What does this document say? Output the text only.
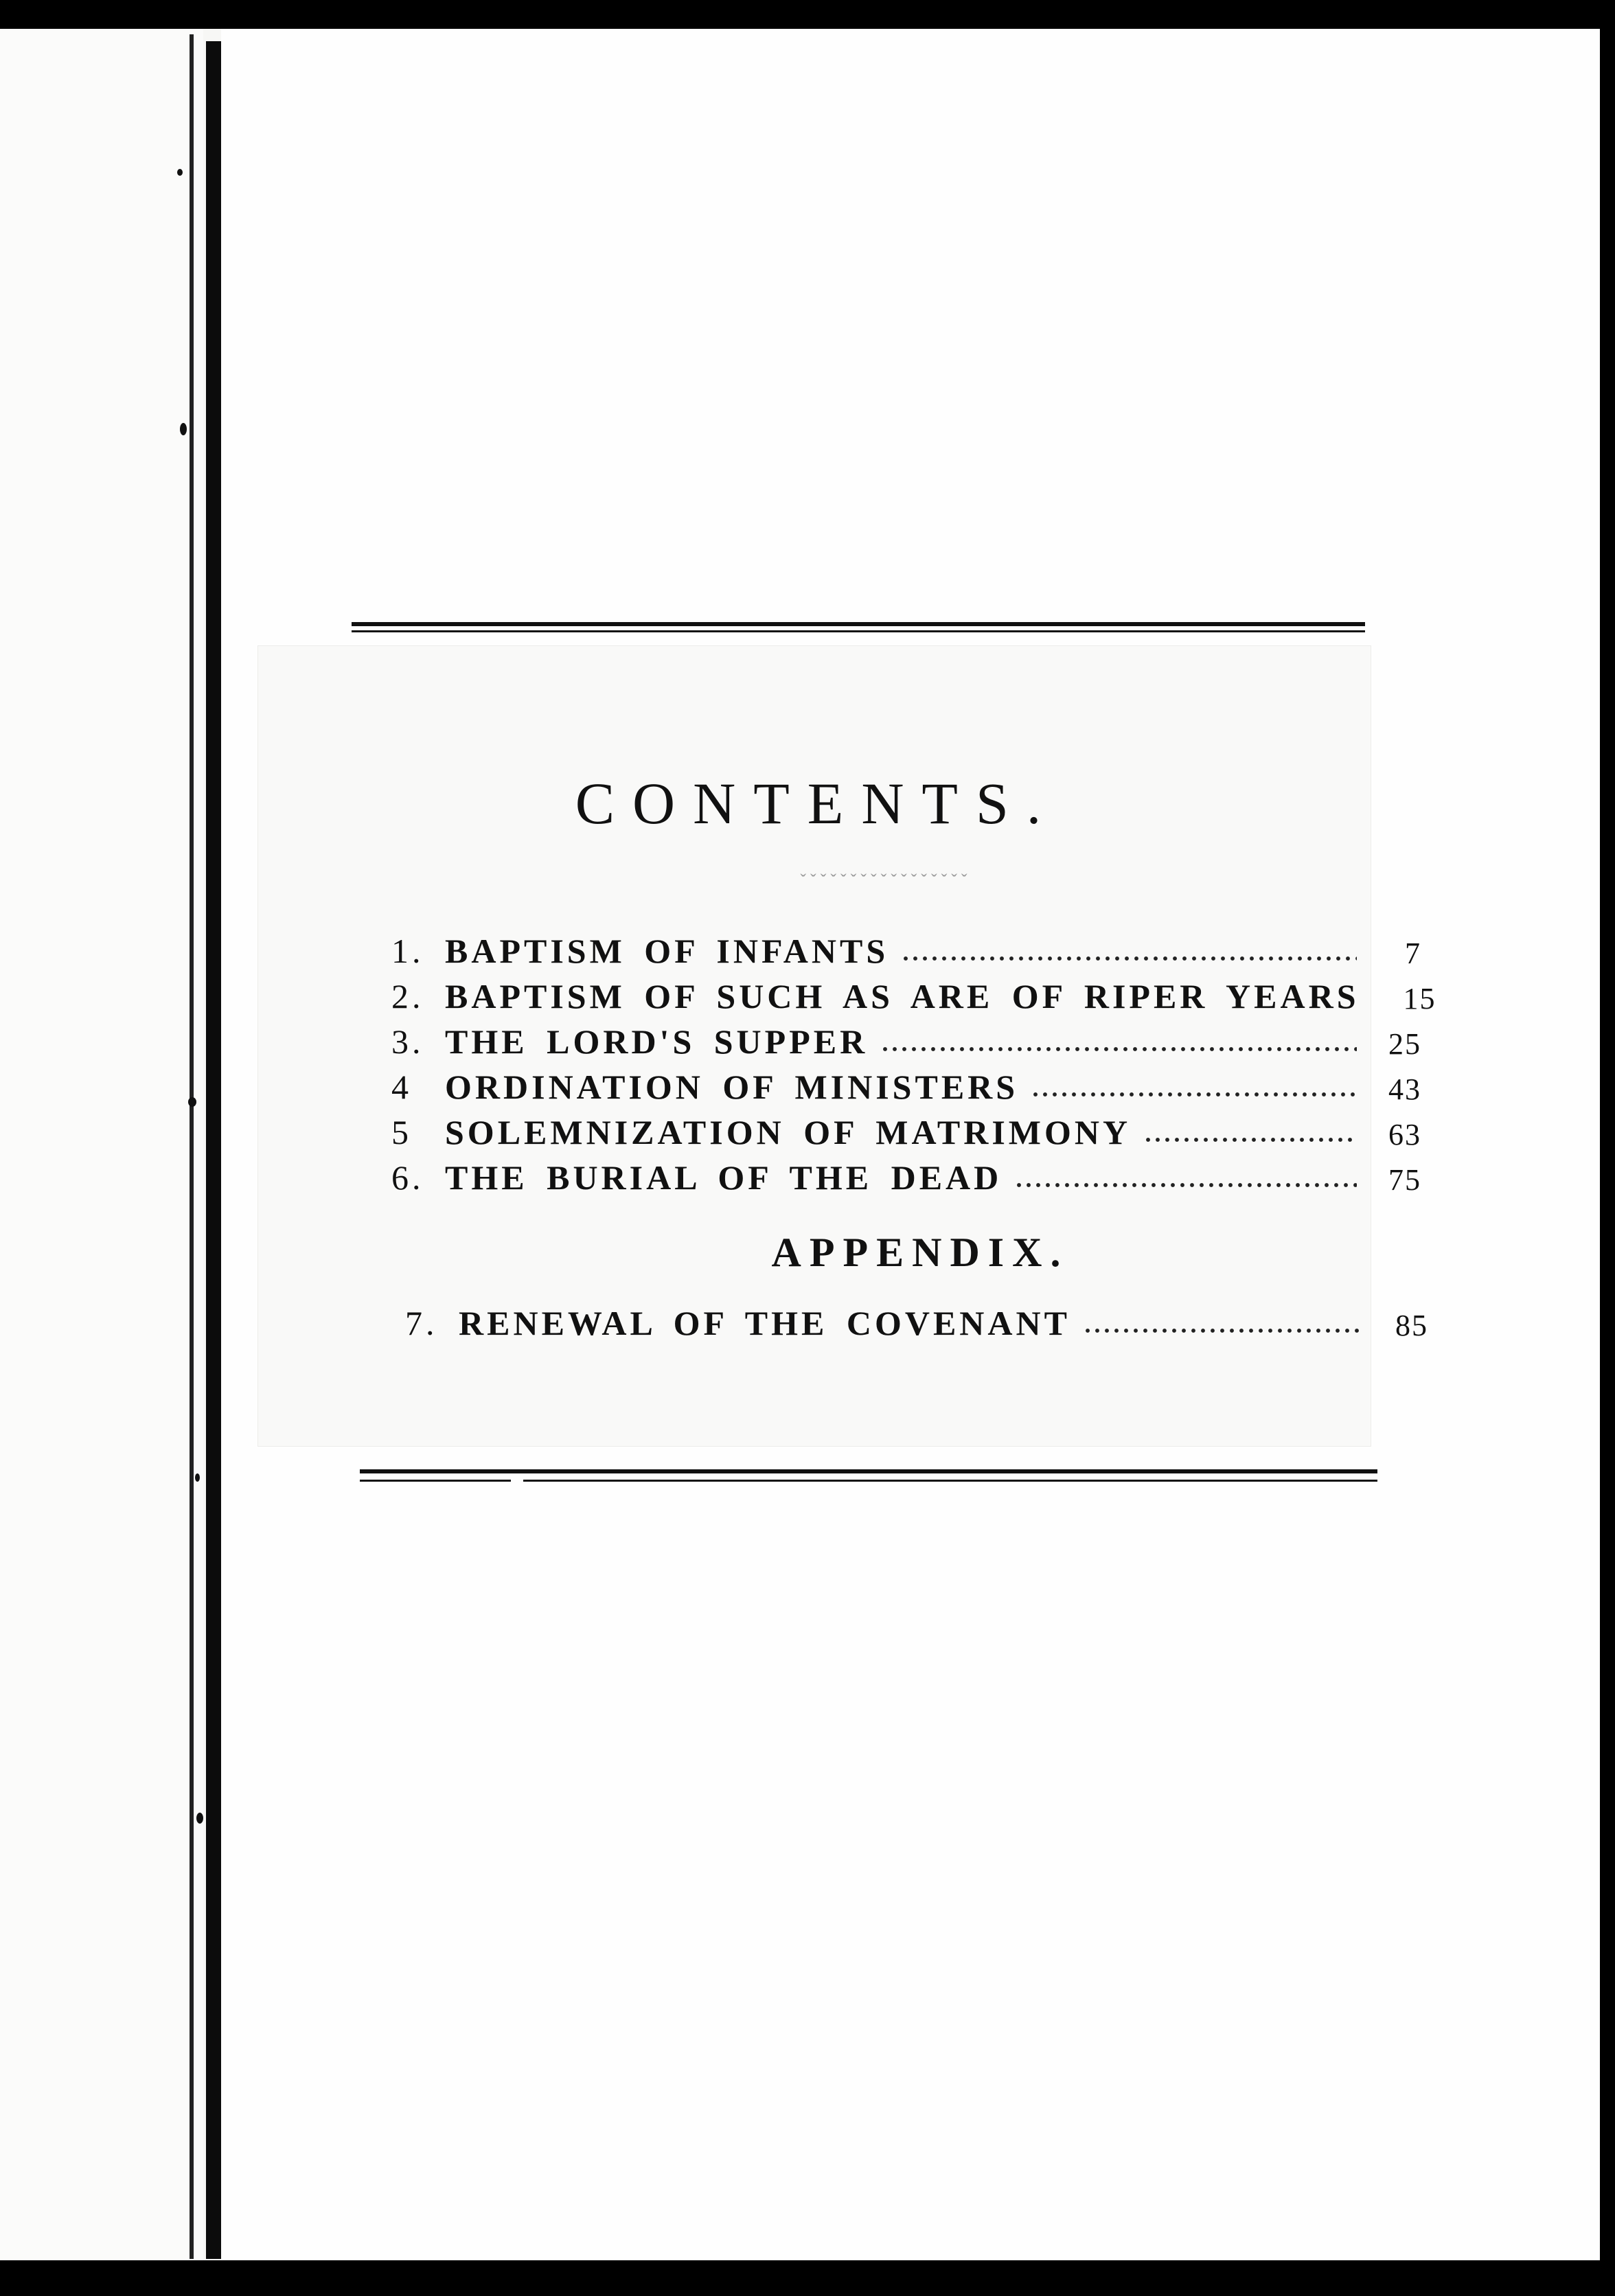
CONTENTS.
ˇˇˇˇˇˇˇˇˇˇˇˇˇˇˇˇˇ
1. BAPTISM OF INFANTS	7
2. BAPTISM OF SUCH AS ARE OF RIPER YEARS 15
3. THE LORD'S SUPPER	25
4 ORDINATION OF MINISTERS	43
5 SOLEMNIZATION OF MATRIMONY	63
6. THE BURIAL OF THE DEAD	75
APPENDIX.
7. RENEWAL OF THE COVENANT	85
